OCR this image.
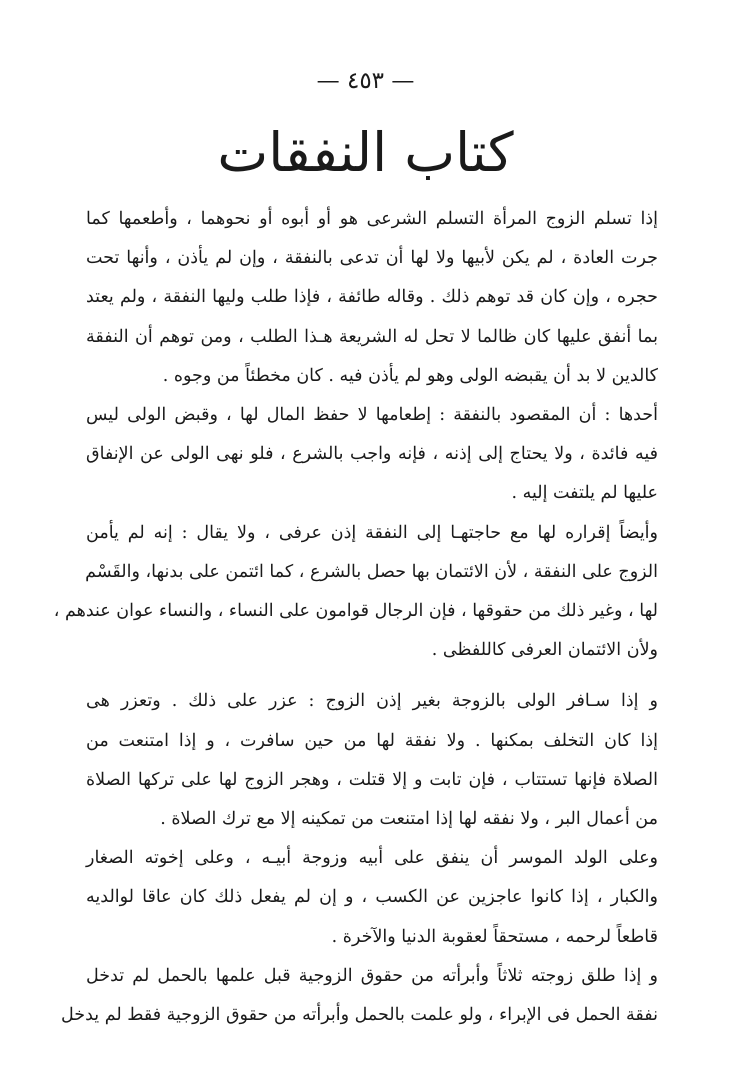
— ٤٥٣ —
كتاب النفقات

إذا تسلم الزوج المرأة التسلم الشرعى هو أو أبوه أو نحوهما ، وأطعمها كما
جرت العادة ، لم يكن لأبيها ولا لها أن تدعى بالنفقة ، وإن لم يأذن ، وأنها تحت
حجره ، وإن كان قد توهم ذلك . وقاله طائفة ، فإذا طلب وليها النفقة ، ولم يعتد
بما أنفق عليها كان ظالما لا تحل له الشريعة هـذا الطلب ، ومن توهم أن النفقة
كالدين لا بد أن يقبضه الولى وهو لم يأذن فيه . كان مخطئاً من وجوه .

أحدها : أن المقصود بالنفقة : إطعامها لا حفظ المال لها ، وقبض الولى ليس
فيه فائدة ، ولا يحتاج إلى إذنه ، فإنه واجب بالشرع ، فلو نهى الولى عن الإنفاق
عليها لم يلتفت إليه .

وأيضاً إقراره لها مع حاجتهـا إلى النفقة إذن عرفى ، ولا يقال : إنه لم يأمن
الزوج على النفقة ، لأن الائتمان بها حصل بالشرع ، كما ائتمن على بدنها، والقَسْم
لها ، وغير ذلك من حقوقها ، فإن الرجال قوامون على النساء ، والنساء عوان عندهم ،
ولأن الائتمان العرفى كاللفظى .

و إذا سـافر الولى بالزوجة بغير إذن الزوج : عزر على ذلك . وتعزر هى
إذا كان التخلف بمكنها . ولا نفقة لها من حين سافرت ، و إذا امتنعت من
الصلاة فإنها تستتاب ، فإن تابت و إلا قتلت ، وهجر الزوج لها على تركها الصلاة
من أعمال البر ، ولا نفقه لها إذا امتنعت من تمكينه إلا مع ترك الصلاة .

وعلى الولد الموسر أن ينفق على أبيه وزوجة أبيـه ، وعلى إخوته الصغار
والكبار ، إذا كانوا عاجزين عن الكسب ، و إن لم يفعل ذلك كان عاقا لوالديه
قاطعاً لرحمه ، مستحقاً لعقوبة الدنيا والآخرة .

و إذا طلق زوجته ثلاثاً وأبرأته من حقوق الزوجية قبل علمها بالحمل لم تدخل
نفقة الحمل فى الإبراء ، ولو علمت بالحمل وأبرأته من حقوق الزوجية فقط لم يدخل
